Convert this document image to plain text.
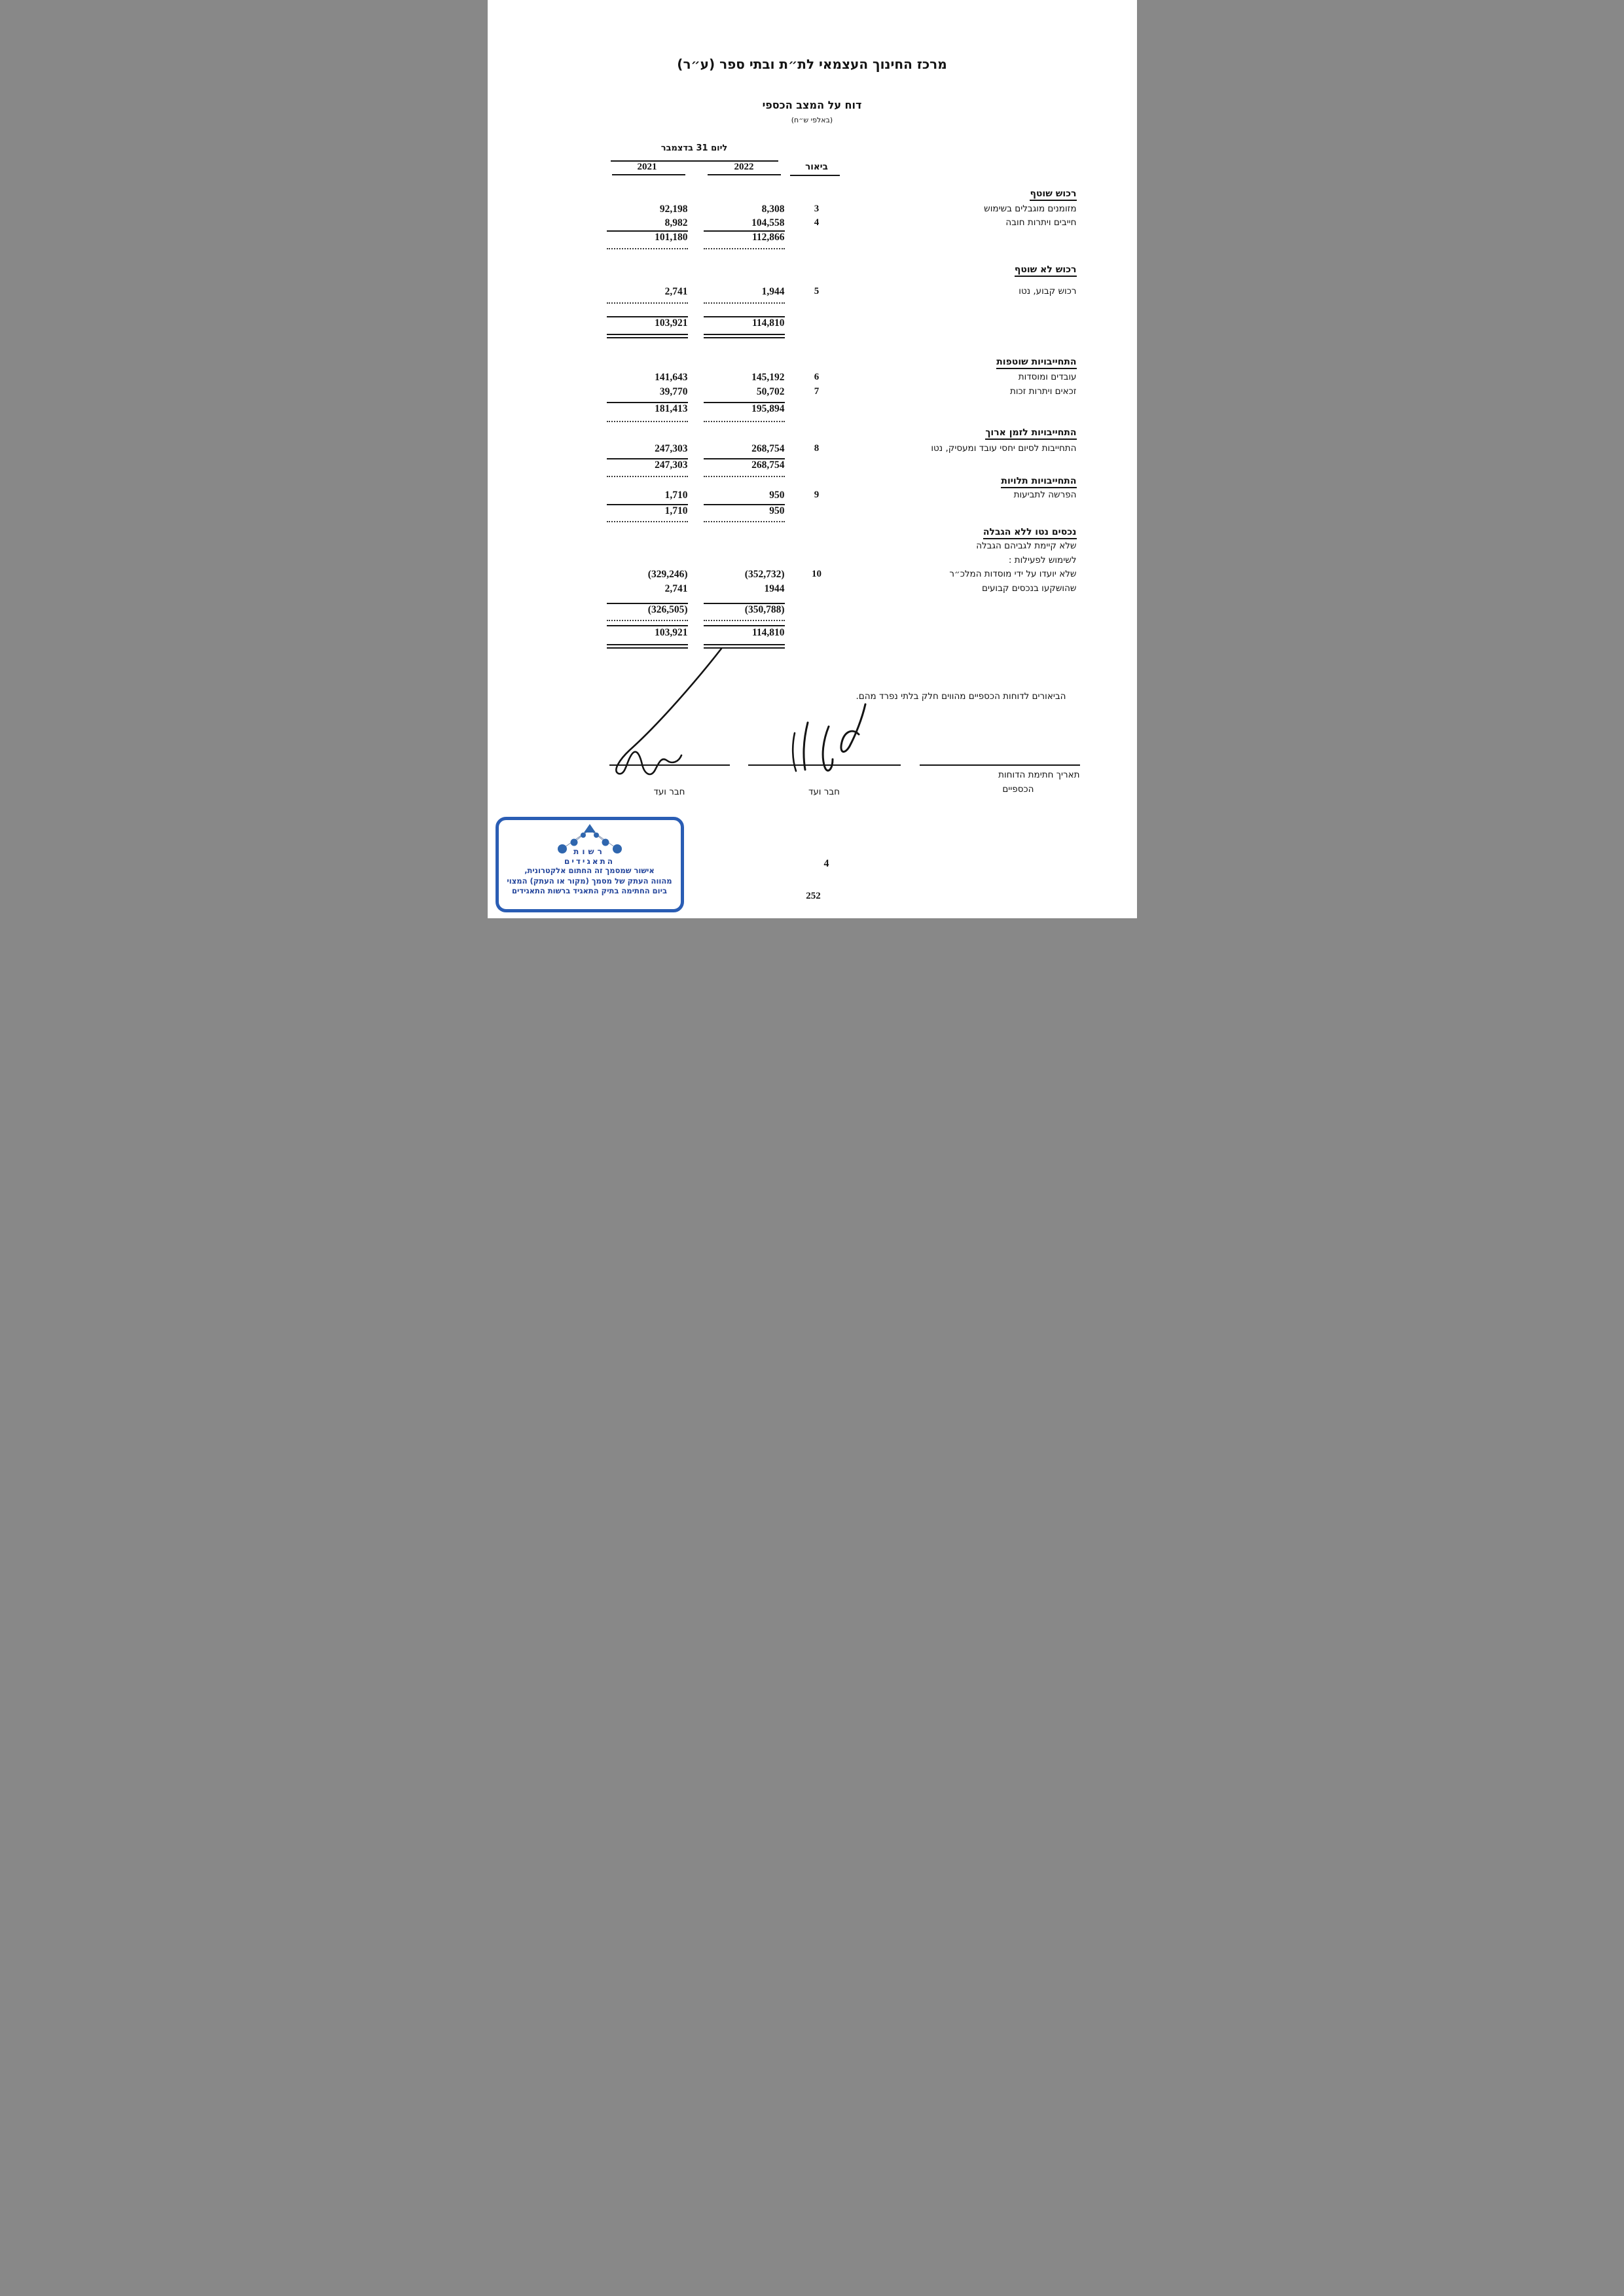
מרכז החינוך העצמאי לת״ת ובתי ספר (ע״ר)
דוח על המצב הכספי
(באלפי ש״ח)
ליום 31 בדצמבר
2021	2022	ביאור
רכוש שוטף
מזומנים מוגבלים בשימוש
3
8,308
92,198
חייבים ויתרות חובה
4
104,558
8,982
112,866
101,180
רכוש לא שוטף
רכוש קבוע, נטו
5
1,944
2,741
114,810
103,921
התחייבויות שוטפות
עובדים ומוסדות
6
145,192
141,643
זכאים ויתרות זכות
7
50,702
39,770
195,894
181,413
התחייבויות לזמן ארוך
התחייבות לסיום יחסי עובד ומעסיק, נטו
8
268,754
247,303
268,754
247,303
התחייבויות תלויות
הפרשה לתביעות
9
950
1,710
950
1,710
נכסים נטו ללא הגבלה
שלא קיימת לגביהם הגבלה
לשימוש לפעילות :
שלא יועדו על ידי מוסדות המלכ״ר
10
(352,732)
(329,246)
שהושקעו בנכסים קבועים
1944
2,741
(350,788)
(326,505)
114,810
103,921
הביאורים לדוחות הכספיים מהווים חלק בלתי נפרד מהם.
תאריך חתימת הדוחות
הכספיים
חבר ועד
חבר ועד
4
252
רשות
התאגידים
אישור שמסמך זה החתום אלקטרונית,
מהווה העתק של מסמך (מקור או העתק) המצוי
ביום החתימה בתיק התאגיד ברשות התאגידים
